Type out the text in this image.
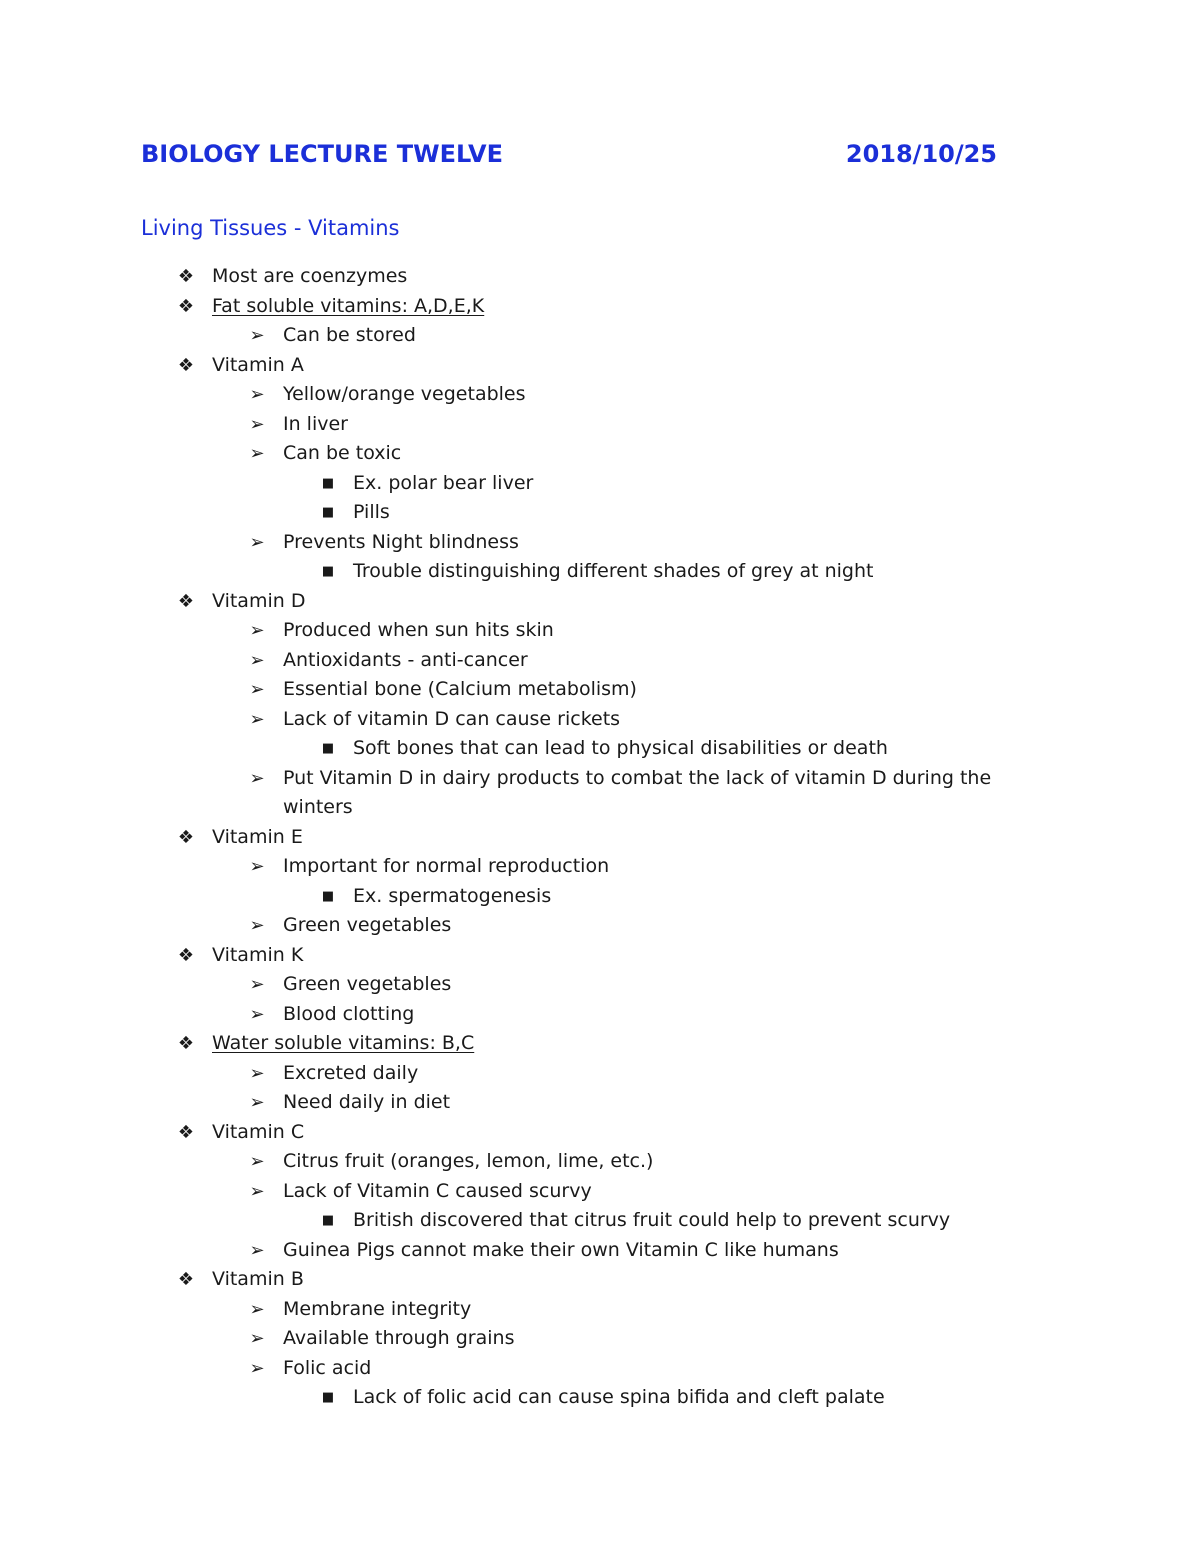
BIOLOGY LECTURE TWELVE	2018/10/25
Living Tissues - Vitamins
❖ Most are coenzymes
❖ Fat soluble vitamins: A,D,E,K
➢ Can be stored
❖ Vitamin A
➢ Yellow/orange vegetables
➢ In liver
➢ Can be toxic
■ Ex. polar bear liver
■ Pills
➢ Prevents Night blindness
■ Trouble distinguishing different shades of grey at night
❖ Vitamin D
➢ Produced when sun hits skin
➢ Antioxidants - anti-cancer
➢ Essential bone (Calcium metabolism)
➢ Lack of vitamin D can cause rickets
■ Soft bones that can lead to physical disabilities or death
➢ Put Vitamin D in dairy products to combat the lack of vitamin D during the winters
❖ Vitamin E
➢ Important for normal reproduction
■ Ex. spermatogenesis
➢ Green vegetables
❖ Vitamin K
➢ Green vegetables
➢ Blood clotting
❖ Water soluble vitamins: B,C
➢ Excreted daily
➢ Need daily in diet
❖ Vitamin C
➢ Citrus fruit (oranges, lemon, lime, etc.)
➢ Lack of Vitamin C caused scurvy
■ British discovered that citrus fruit could help to prevent scurvy
➢ Guinea Pigs cannot make their own Vitamin C like humans
❖ Vitamin B
➢ Membrane integrity
➢ Available through grains
➢ Folic acid
■ Lack of folic acid can cause spina bifida and cleft palate
